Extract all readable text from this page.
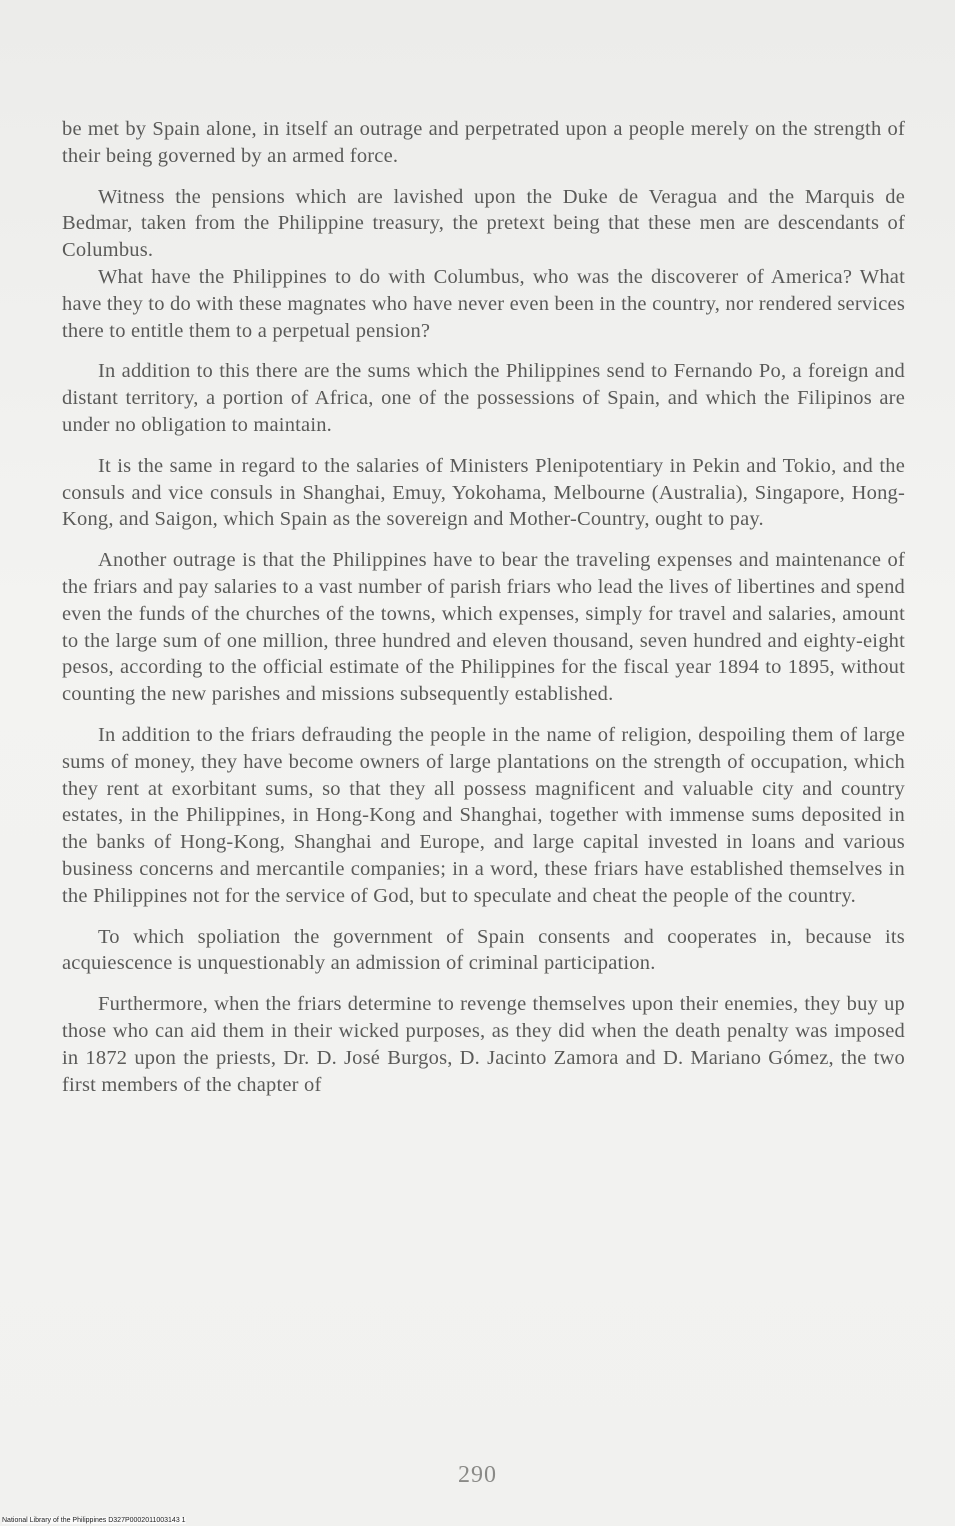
be met by Spain alone, in itself an outrage and perpetrated upon a people merely on the strength of their being governed by an armed force.

Witness the pensions which are lavished upon the Duke de Veragua and the Marquis de Bedmar, taken from the Philippine treasury, the pretext being that these men are descendants of Columbus.

What have the Philippines to do with Columbus, who was the discoverer of America? What have they to do with these magnates who have never even been in the country, nor rendered services there to entitle them to a perpetual pension?

In addition to this there are the sums which the Philippines send to Fernando Po, a foreign and distant territory, a portion of Africa, one of the possessions of Spain, and which the Filipinos are under no obligation to maintain.

It is the same in regard to the salaries of Ministers Plenipotentiary in Pekin and Tokio, and the consuls and vice consuls in Shanghai, Emuy, Yokohama, Melbourne (Australia), Singapore, Hong-Kong, and Saigon, which Spain as the sovereign and Mother-Country, ought to pay.

Another outrage is that the Philippines have to bear the traveling expenses and maintenance of the friars and pay salaries to a vast number of parish friars who lead the lives of libertines and spend even the funds of the churches of the towns, which expenses, simply for travel and salaries, amount to the large sum of one million, three hundred and eleven thousand, seven hundred and eighty-eight pesos, according to the official estimate of the Philippines for the fiscal year 1894 to 1895, without counting the new parishes and missions subsequently established.

In addition to the friars defrauding the people in the name of religion, despoiling them of large sums of money, they have become owners of large plantations on the strength of occupation, which they rent at exorbitant sums, so that they all possess magnificent and valuable city and country estates, in the Philippines, in Hong-Kong and Shanghai, together with immense sums deposited in the banks of Hong-Kong, Shanghai and Europe, and large capital invested in loans and various business concerns and mercantile companies; in a word, these friars have established themselves in the Philippines not for the service of God, but to speculate and cheat the people of the country.

To which spoliation the government of Spain consents and cooperates in, because its acquiescence is unquestionably an admission of criminal participation.

Furthermore, when the friars determine to revenge themselves upon their enemies, they buy up those who can aid them in their wicked purposes, as they did when the death penalty was imposed in 1872 upon the priests, Dr. D. José Burgos, D. Jacinto Zamora and D. Mariano Gómez, the two first members of the chapter of

290
National Library of the Philippines D327P0002011003143 1
